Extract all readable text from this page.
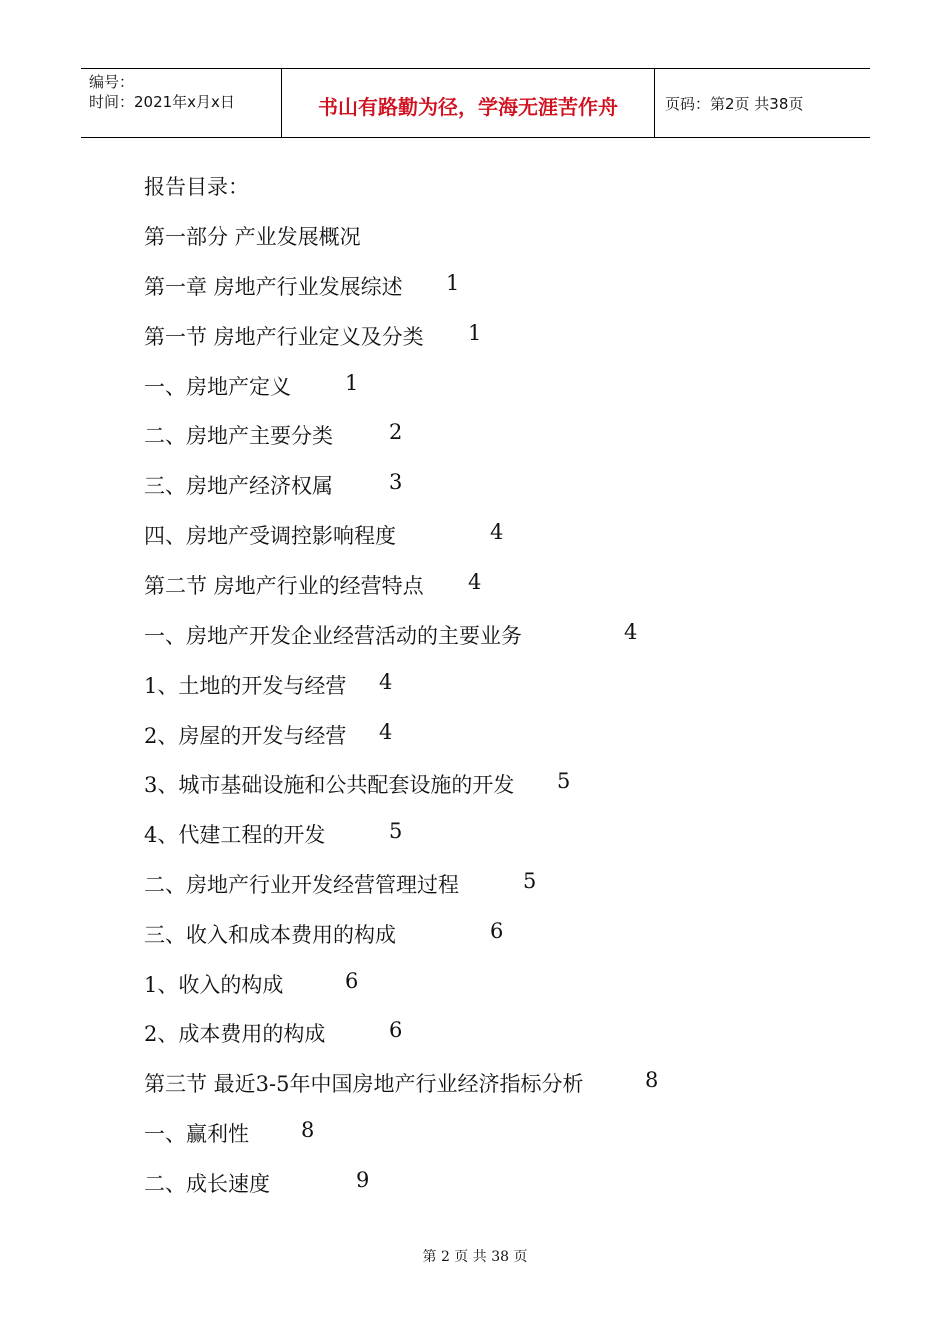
编号：
时间：2021年x月x日	书山有路勤为径，学海无涯苦作舟	页码：第2页 共38页
报告目录：
第一部分 产业发展概况
第一章 房地产行业发展综述 1
第一节 房地产行业定义及分类 1
一、房地产定义	1
二、房地产主要分类	2
三、房地产经济权属	3
四、房地产受调控影响程度	4
第二节 房地产行业的经营特点 4
一、房地产开发企业经营活动的主要业务	4
1、土地的开发与经营 4
2、房屋的开发与经营 4
3、城市基础设施和公共配套设施的开发 5
4、代建工程的开发	5
二、房地产行业开发经营管理过程	5
三、收入和成本费用的构成	6
1、收入的构成	6
2、成本费用的构成	6
第三节 最近3-5年中国房地产行业经济指标分析	8
一、赢利性 8
二、成长速度	9
第 2 页 共 38 页
